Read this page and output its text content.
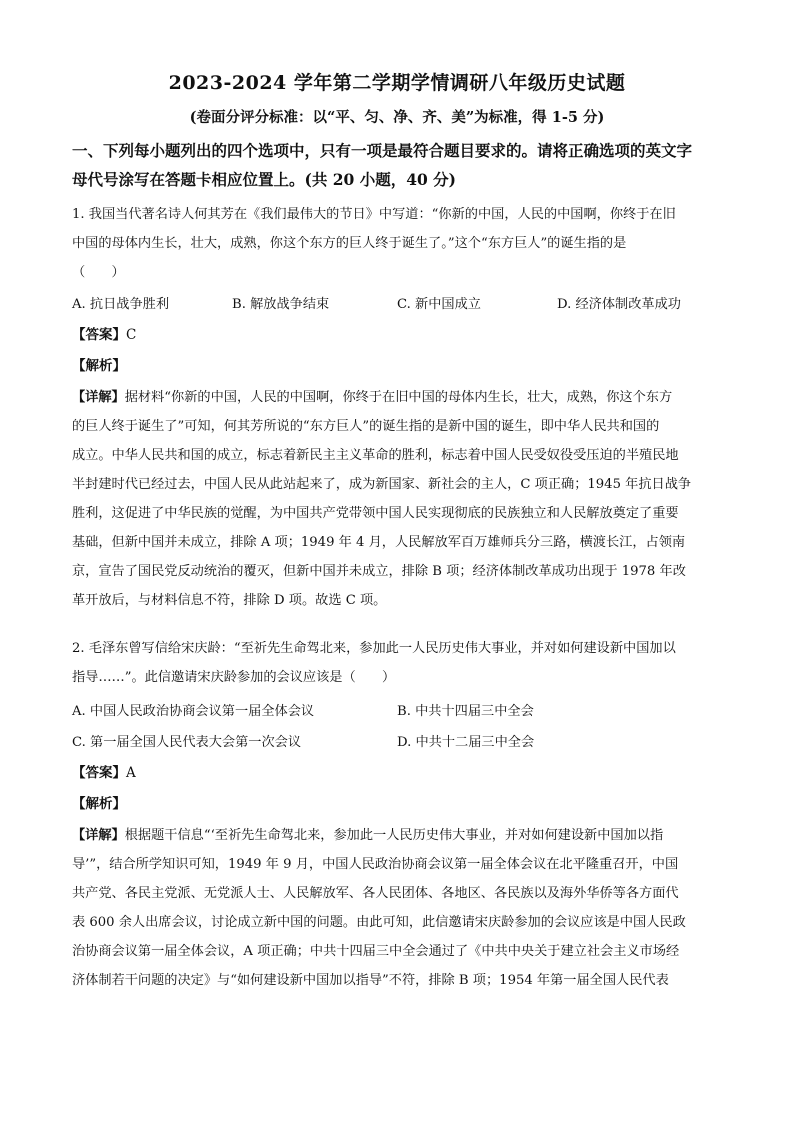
2023-2024 学年第二学期学情调研八年级历史试题
(卷面分评分标准：以“平、匀、净、齐、美”为标准，得 1-5 分)
一、下列每小题列出的四个选项中，只有一项是最符合题目要求的。请将正确选项的英文字
母代号涂写在答题卡相应位置上。(共 20 小题，40 分)
1. 我国当代著名诗人何其芳在《我们最伟大的节日》中写道：“你新的中国，人民的中国啊，你终于在旧
中国的母体内生长，壮大，成熟，你这个东方的巨人终于诞生了。”这个“东方巨人”的诞生指的是
（　　）
A. 抗日战争胜利	B. 解放战争结束	C. 新中国成立	D. 经济体制改革成功
【答案】C
【解析】
【详解】据材料“你新的中国，人民的中国啊，你终于在旧中国的母体内生长，壮大，成熟，你这个东方
的巨人终于诞生了”可知，何其芳所说的“东方巨人”的诞生指的是新中国的诞生，即中华人民共和国的
成立。中华人民共和国的成立，标志着新民主主义革命的胜利，标志着中国人民受奴役受压迫的半殖民地
半封建时代已经过去，中国人民从此站起来了，成为新国家、新社会的主人，C 项正确；1945 年抗日战争
胜利，这促进了中华民族的觉醒，为中国共产党带领中国人民实现彻底的民族独立和人民解放奠定了重要
基础，但新中国并未成立，排除 A 项；1949 年 4 月，人民解放军百万雄师兵分三路，横渡长江，占领南
京，宣告了国民党反动统治的覆灭，但新中国并未成立，排除 B 项；经济体制改革成功出现于 1978 年改
革开放后，与材料信息不符，排除 D 项。故选 C 项。
2. 毛泽东曾写信给宋庆龄：“至祈先生命驾北来，参加此一人民历史伟大事业，并对如何建设新中国加以
指导……”。此信邀请宋庆龄参加的会议应该是（　　）
A. 中国人民政治协商会议第一届全体会议	B. 中共十四届三中全会
C. 第一届全国人民代表大会第一次会议	D. 中共十二届三中全会
【答案】A
【解析】
【详解】根据题干信息“‘至祈先生命驾北来，参加此一人民历史伟大事业，并对如何建设新中国加以指
导’”，结合所学知识可知，1949 年 9 月，中国人民政治协商会议第一届全体会议在北平隆重召开，中国
共产党、各民主党派、无党派人士、人民解放军、各人民团体、各地区、各民族以及海外华侨等各方面代
表 600 余人出席会议，讨论成立新中国的问题。由此可知，此信邀请宋庆龄参加的会议应该是中国人民政
治协商会议第一届全体会议，A 项正确；中共十四届三中全会通过了《中共中央关于建立社会主义市场经
济体制若干问题的决定》与“如何建设新中国加以指导”不符，排除 B 项；1954 年第一届全国人民代表
